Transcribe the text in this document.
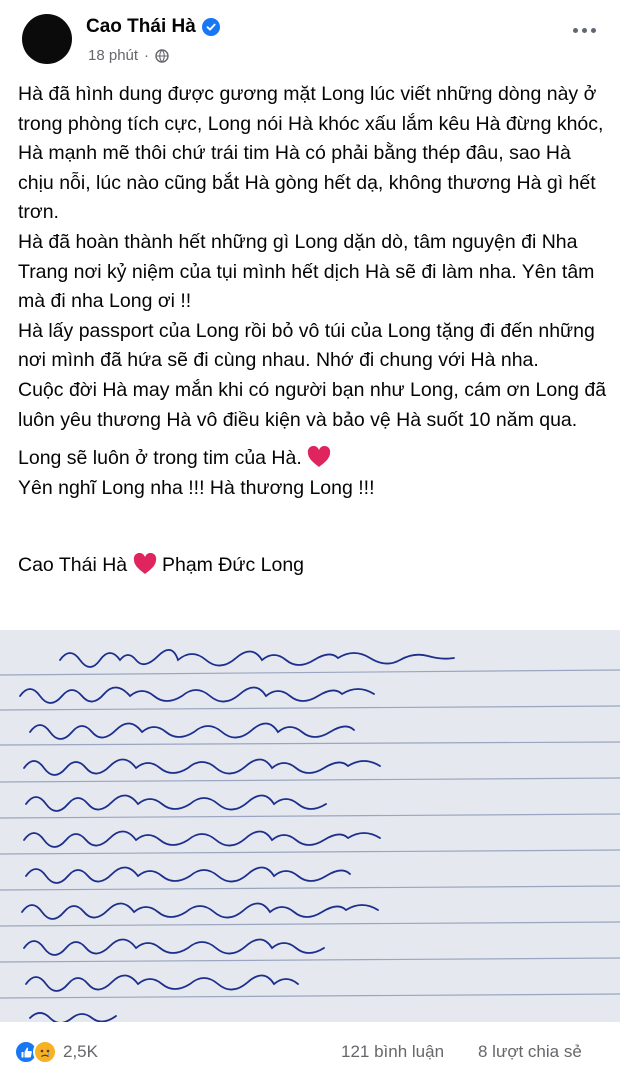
Cao Thái Hà
18 phút ·

Hà đã hình dung được gương mặt Long lúc viết những dòng này ở trong phòng tích cực, Long nói Hà khóc xấu lắm kêu Hà đừng khóc, Hà mạnh mẽ thôi chứ trái tim Hà có phải bằng thép đâu, sao Hà chịu nỗi, lúc nào cũng bắt Hà gòng hết dạ, không thương Hà gì hết trơn.

Hà đã hoàn thành hết những gì Long dặn dò, tâm nguyện đi Nha Trang nơi kỷ niệm của tụi mình hết dịch Hà sẽ đi làm nha. Yên tâm mà đi nha Long ơi !!

Hà lấy passport của Long rồi bỏ vô túi của Long tặng đi đến những nơi mình đã hứa sẽ đi cùng nhau. Nhớ đi chung với Hà nha.

Cuộc đời Hà may mắn khi có người bạn như Long, cám ơn Long đã luôn yêu thương Hà vô điều kiện và bảo vệ Hà suốt 10 năm qua.

Long sẽ luôn ở trong tim của Hà.

Yên nghĩ Long nha !!! Hà thương Long !!!

Cao Thái Hà Phạm Đức Long

2,5K	121 bình luận 8 lượt chia sẻ
